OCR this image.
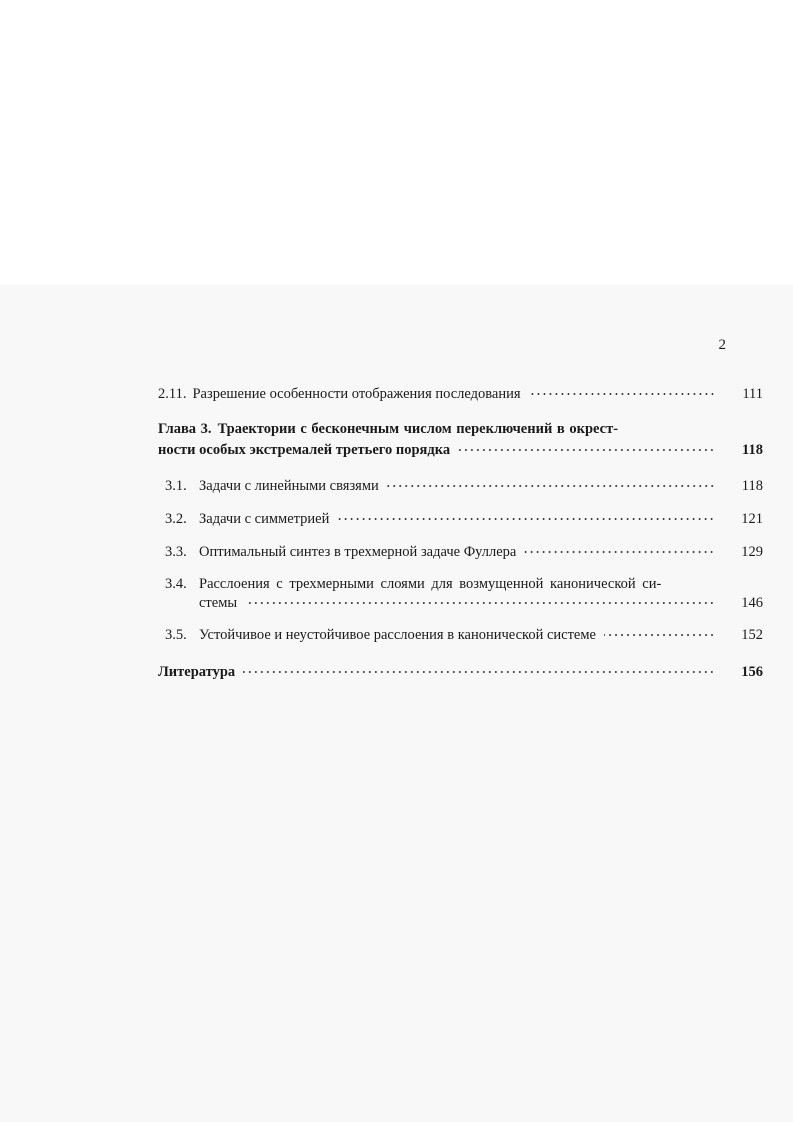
2
2.11. Разрешение особенности отображения последования	111
Глава 3. Траектории с бесконечным числом переключений в окрест-
ности особых экстремалей третьего порядка	118
3.1. Задачи с линейными связями	118
3.2. Задачи с симметрией	121
3.3. Оптимальный синтез в трехмерной задаче Фуллера	129
3.4. Расслоения с трехмерными слоями для возмущенной канонической си-
стемы	146
3.5. Устойчивое и неустойчивое расслоения в канонической системе	152
Литература	156
